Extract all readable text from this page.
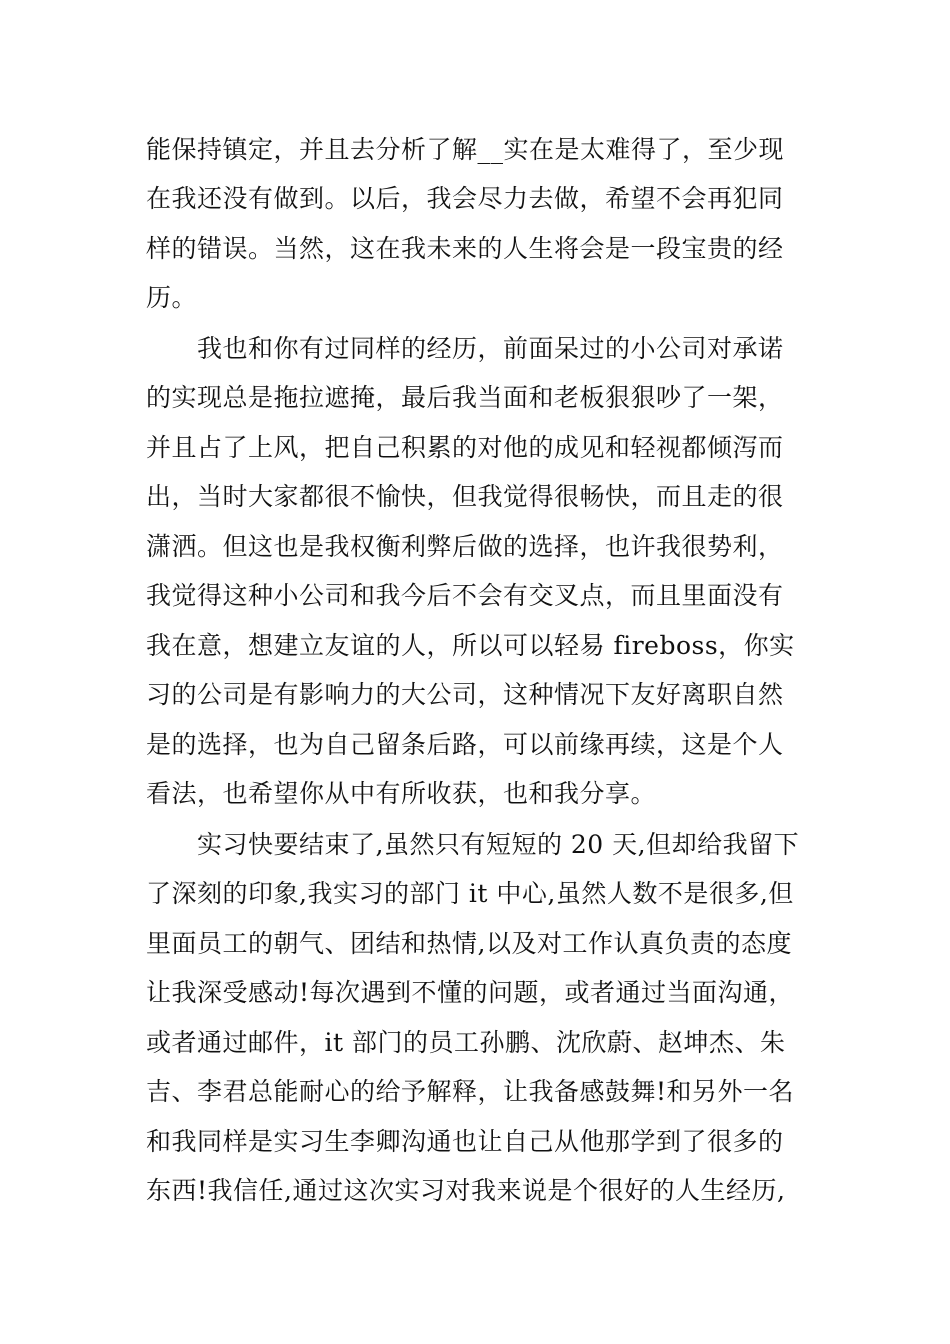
能保持镇定，并且去分析了解__实在是太难得了，至少现
在我还没有做到。以后，我会尽力去做，希望不会再犯同
样的错误。当然，这在我未来的人生将会是一段宝贵的经
历。
我也和你有过同样的经历，前面呆过的小公司对承诺
的实现总是拖拉遮掩，最后我当面和老板狠狠吵了一架，
并且占了上风，把自己积累的对他的成见和轻视都倾泻而
出，当时大家都很不愉快，但我觉得很畅快，而且走的很
潇洒。但这也是我权衡利弊后做的选择，也许我很势利，
我觉得这种小公司和我今后不会有交叉点，而且里面没有
我在意，想建立友谊的人，所以可以轻易 fireboss，你实
习的公司是有影响力的大公司，这种情况下友好离职自然
是的选择，也为自己留条后路，可以前缘再续，这是个人
看法，也希望你从中有所收获，也和我分享。
实习快要结束了,虽然只有短短的 20 天,但却给我留下
了深刻的印象,我实习的部门 it 中心,虽然人数不是很多,但
里面员工的朝气、团结和热情,以及对工作认真负责的态度
让我深受感动!每次遇到不懂的问题，或者通过当面沟通，
或者通过邮件，it 部门的员工孙鹏、沈欣蔚、赵坤杰、朱
吉、李君总能耐心的给予解释，让我备感鼓舞!和另外一名
和我同样是实习生李卿沟通也让自己从他那学到了很多的
东西!我信任,通过这次实习对我来说是个很好的人生经历,
